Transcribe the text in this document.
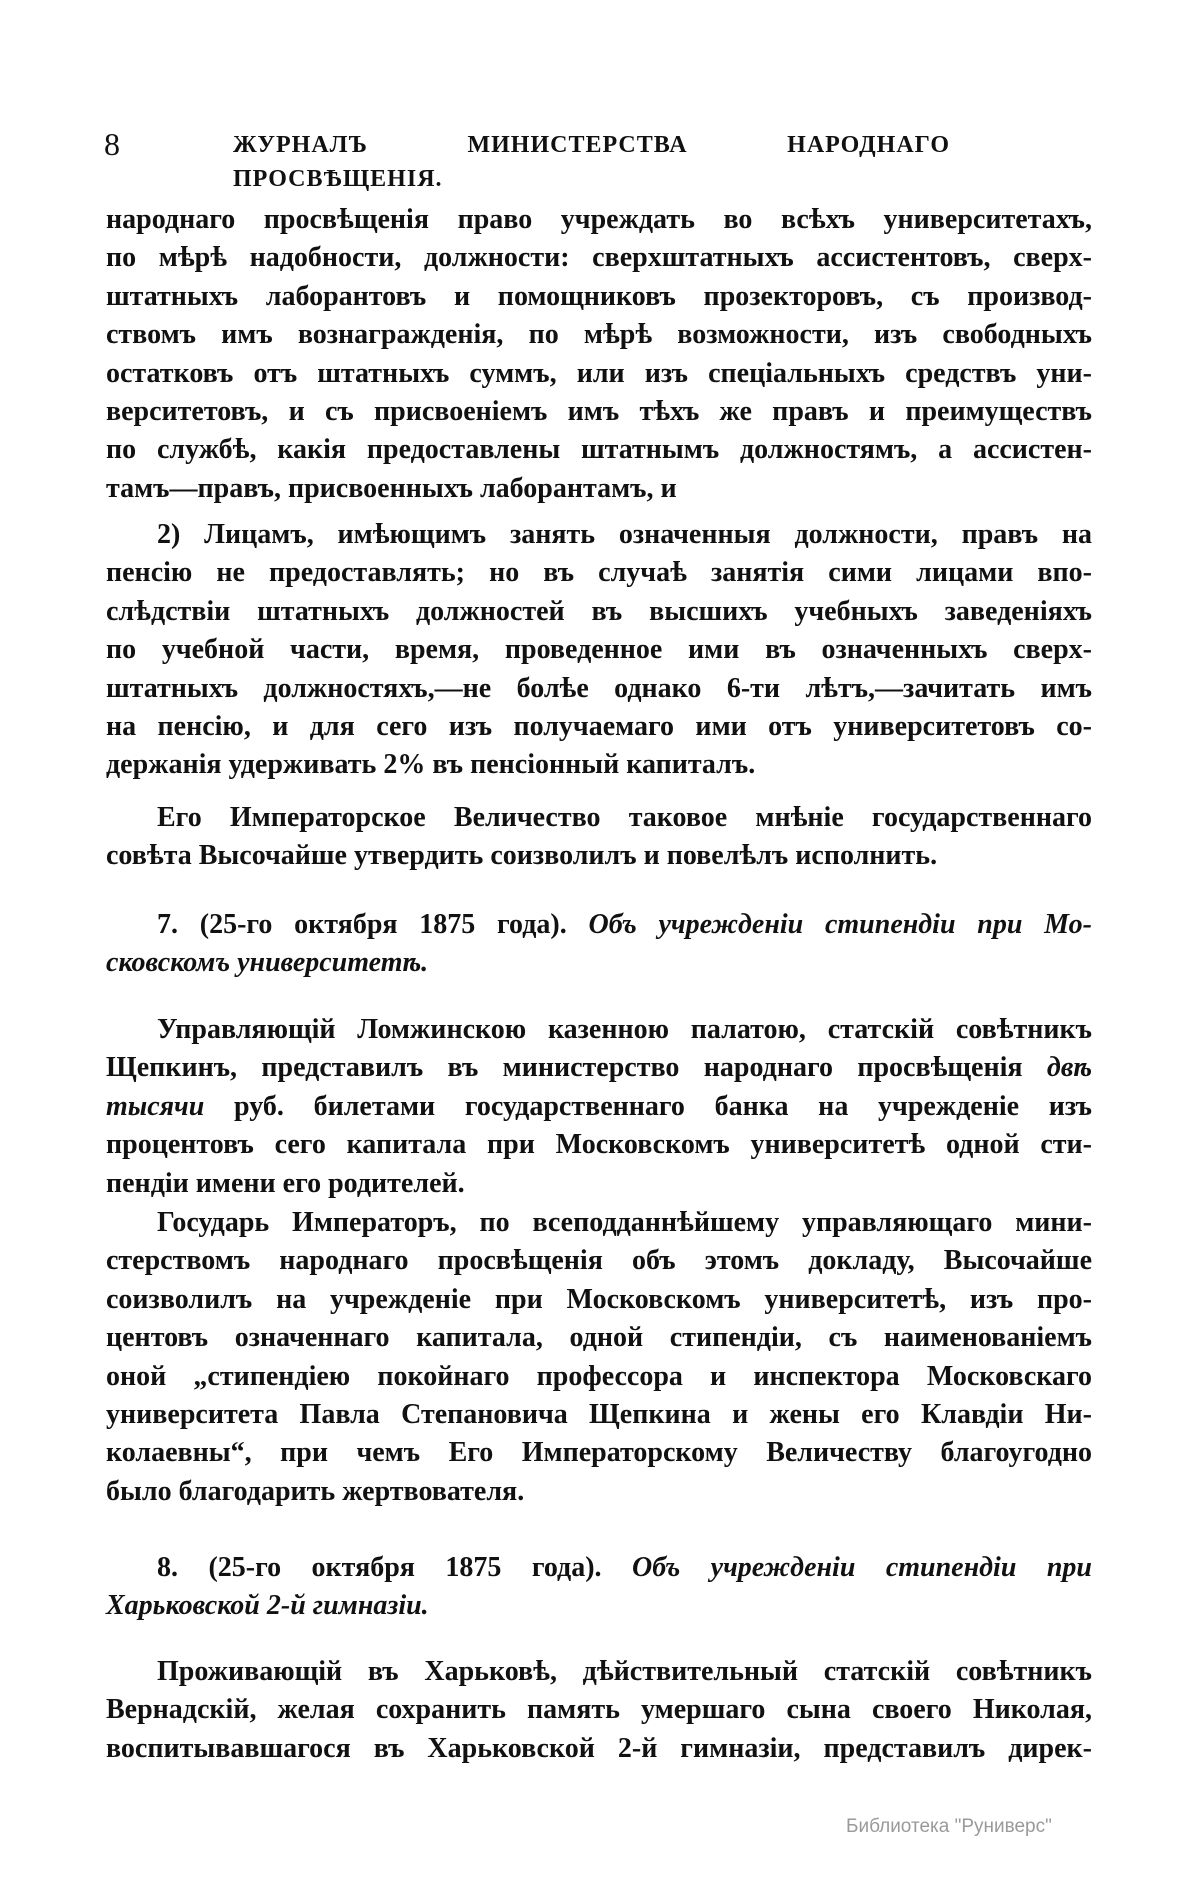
8	ЖУРНАЛЪ МИНИСТЕРСТВА НАРОДНАГО ПРОСВѢЩЕНІЯ.
народнаго просвѣщенія право учреждать во всѣхъ университетахъ,
по мѣрѣ надобности, должности: сверхштатныхъ ассистентовъ, сверх-
штатныхъ лаборантовъ и помощниковъ прозекторовъ, съ производ-
ствомъ имъ вознагражденія, по мѣрѣ возможности, изъ свободныхъ
остатковъ отъ штатныхъ суммъ, или изъ спеціальныхъ средствъ уни-
верситетовъ, и съ присвоеніемъ имъ тѣхъ же правъ и преимуществъ
по службѣ, какія предоставлены штатнымъ должностямъ, а ассистен-
тамъ—правъ, присвоенныхъ лаборантамъ, и
2) Лицамъ, имѣющимъ занять означенныя должности, правъ на
пенсію не предоставлять; но въ случаѣ занятія сими лицами впо-
слѣдствіи штатныхъ должностей въ высшихъ учебныхъ заведеніяхъ
по учебной части, время, проведенное ими въ означенныхъ сверх-
штатныхъ должностяхъ,—не болѣе однако 6-ти лѣтъ,—зачитать имъ
на пенсію, и для сего изъ получаемаго ими отъ университетовъ со-
держанія удерживать 2% въ пенсіонный капиталъ.
Его Императорское Величество таковое мнѣніе государственнаго
совѣта Высочайше утвердить соизволилъ и повелѣлъ исполнить.
7. (25-го октября 1875 года). Объ учрежденіи стипендіи при Мо-
сковскомъ университетѣ.
Управляющій Ломжинскою казенною палатою, статскій совѣтникъ
Щепкинъ, представилъ въ министерство народнаго просвѣщенія двѣ
тысячи руб. билетами государственнаго банка на учрежденіе изъ
процентовъ сего капитала при Московскомъ университетѣ одной сти-
пендіи имени его родителей.
Государь Императоръ, по всеподданнѣйшему управляющаго мини-
стерствомъ народнаго просвѣщенія объ этомъ докладу, Высочайше
соизволилъ на учрежденіе при Московскомъ университетѣ, изъ про-
центовъ означеннаго капитала, одной стипендіи, съ наименованіемъ
оной „стипендіею покойнаго профессора и инспектора Московскаго
университета Павла Степановича Щепкина и жены его Клавдіи Ни-
колаевны“, при чемъ Его Императорскому Величеству благоугодно
было благодарить жертвователя.
8. (25-го октября 1875 года). Объ учрежденіи стипендіи при
Харьковской 2-й гимназіи.
Проживающій въ Харьковѣ, дѣйствительный статскій совѣтникъ
Вернадскій, желая сохранить память умершаго сына своего Николая,
воспитывавшагося въ Харьковской 2-й гимназіи, представилъ дирек-
Библиотека "Руниверс"
